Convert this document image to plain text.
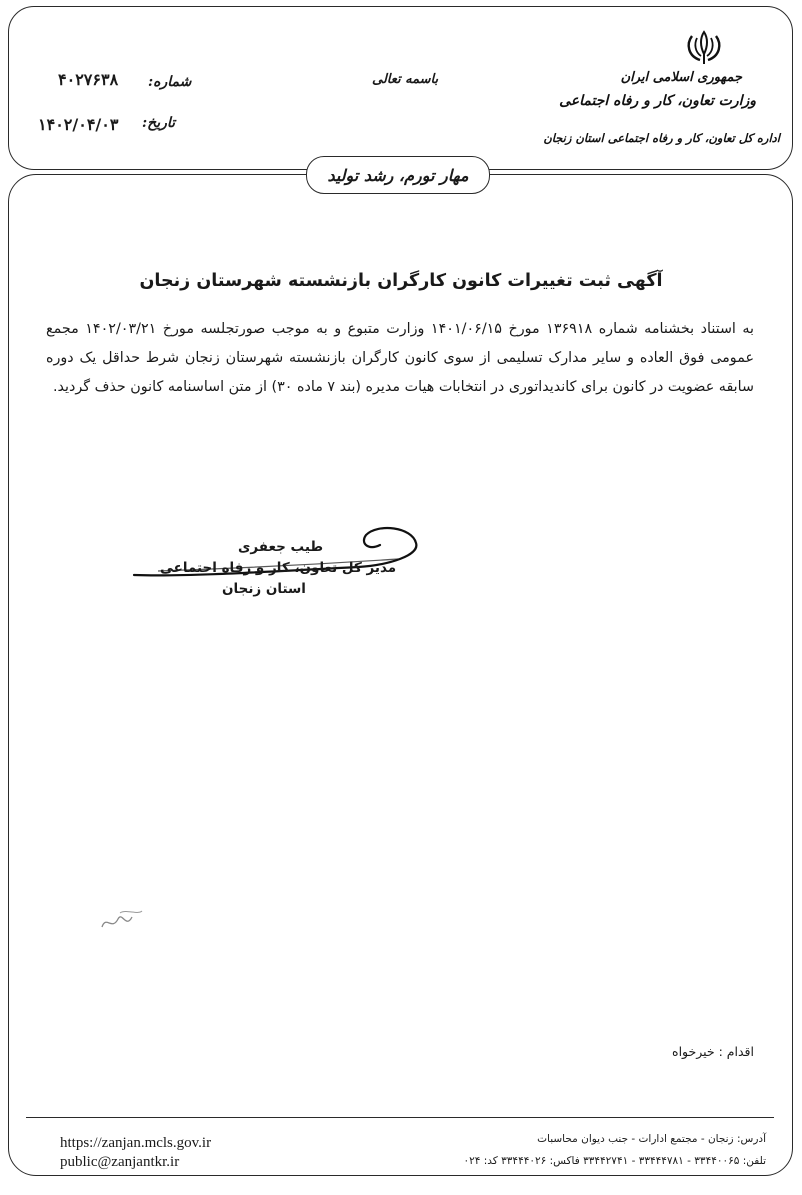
جمهوری اسلامی ایران
وزارت تعاون، کار و رفاه اجتماعی
اداره کل تعاون، کار و رفاه اجتماعی استان زنجان
باسمه تعالی
شماره:
۴۰۲۷۶۳۸
تاریخ:
۱۴۰۲/۰۴/۰۳
مهار تورم، رشد تولید
آگهی ثبت تغییرات کانون کارگران بازنشسته شهرستان زنجان
به استناد بخشنامه شماره ۱۳۶۹۱۸ مورخ ۱۴۰۱/۰۶/۱۵ وزارت متبوع و به موجب صورتجلسه مورخ ۱۴۰۲/۰۳/۲۱ مجمع عمومی فوق العاده و سایر مدارک تسلیمی از سوی کانون کارگران بازنشسته شهرستان زنجان شرط حداقل یک دوره سابقه عضویت در کانون برای کاندیداتوری در انتخابات هیات مدیره (بند ۷ ماده ۳۰) از متن اساسنامه کانون حذف گردید.
طیب جعفری
مدیر کل تعاون، کار و رفاه اجتماعی
استان زنجان
اقدام : خیرخواه
https://zanjan.mcls.gov.ir
public@zanjantkr.ir
آدرس: زنجان - مجتمع ادارات - جنب دیوان محاسبات
تلفن: ۳۳۴۴۰۰۶۵ - ۳۳۴۴۴۷۸۱ - ۳۳۴۴۲۷۴۱ فاکس: ۳۳۴۴۴۰۲۶ کد: ۰۲۴
